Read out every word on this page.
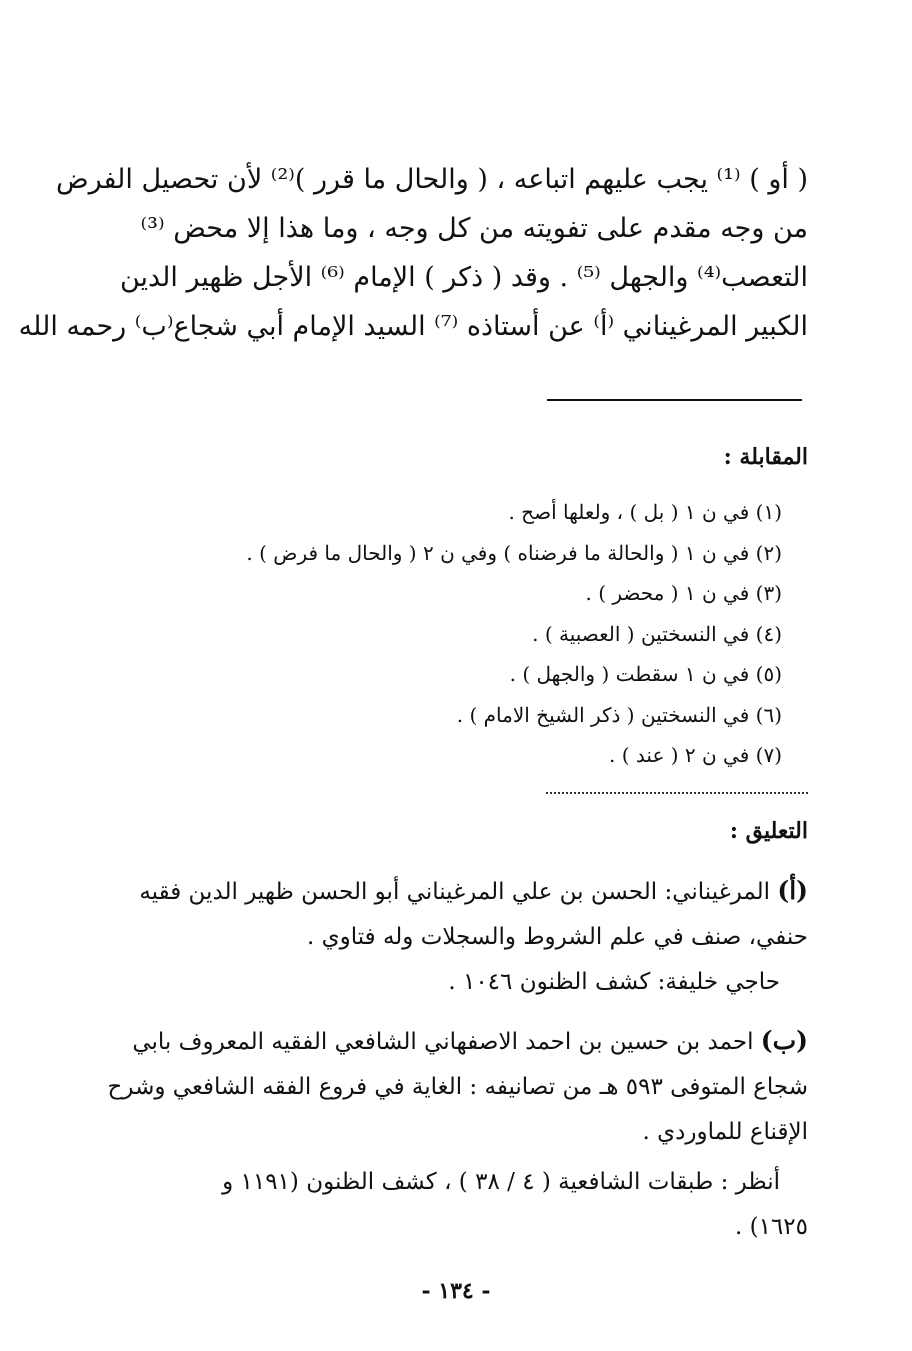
( أو ) ⁽¹⁾ يجب عليهم اتباعه ، ( والحال ما قرر )⁽²⁾ لأن تحصيل الفرض
من وجه مقدم على تفويته من كل وجه ، وما هذا إلا محض ⁽³⁾
التعصب⁽⁴⁾ والجهل ⁽⁵⁾ . وقد ( ذكر ) الإمام ⁽⁶⁾ الأجل ظهير الدين
الكبير المرغيناني ⁽أ⁾ عن أستاذه ⁽⁷⁾ السيد الإمام أبي شجاع⁽ب⁾ رحمه الله
المقابلة :
(١) في ن ١ ( بل ) ، ولعلها أصح .
(٢) في ن ١ ( والحالة ما فرضناه ) وفي ن ٢ ( والحال ما فرض ) .
(٣) في ن ١ ( محضر ) .
(٤) في النسختين ( العصبية ) .
(٥) في ن ١ سقطت ( والجهل ) .
(٦) في النسختين ( ذكر الشيخ الامام ) .
(٧) في ن ٢ ( عند ) .
التعليق :
(أ) المرغيناني: الحسن بن علي المرغيناني أبو الحسن ظهير الدين فقيه
حنفي، صنف في علم الشروط والسجلات وله فتاوي .
حاجي خليفة: كشف الظنون ١٠٤٦ .
(ب) احمد بن حسين بن احمد الاصفهاني الشافعي الفقيه المعروف بابي
شجاع المتوفى ٥٩٣ هـ من تصانيفه : الغاية في فروع الفقه الشافعي وشرح
الإقناع للماوردي .
أنظر : طبقات الشافعية ( ٤ / ٣٨ ) ، كشف الظنون (١١٩١ و
١٦٢٥) .
- ١٣٤ -
